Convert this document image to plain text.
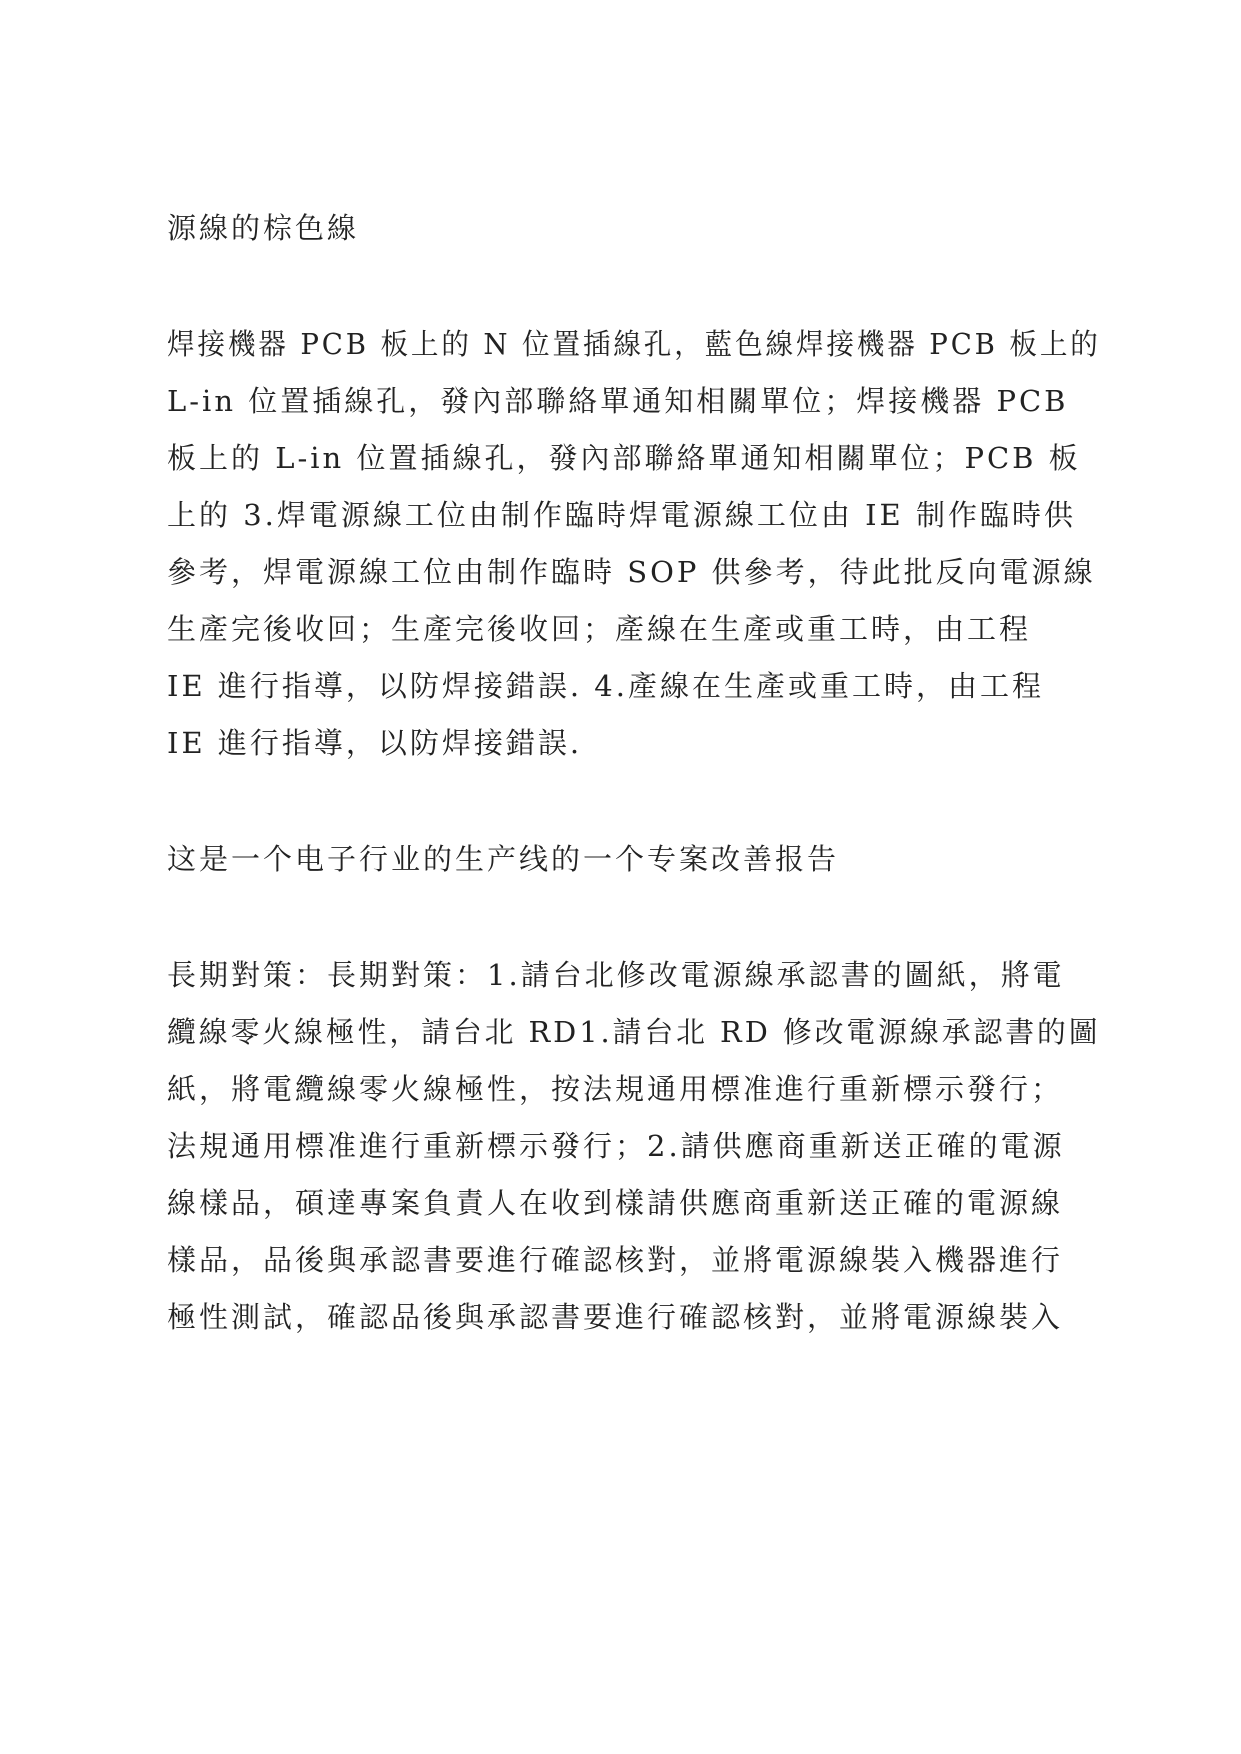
源線的棕色線
焊接機器 PCB 板上的 N 位置插線孔，藍色線焊接機器 PCB 板上的
L-in 位置插線孔，發內部聯絡單通知相關單位；焊接機器 PCB
板上的 L-in 位置插線孔，發內部聯絡單通知相關單位；PCB 板
上的 3.焊電源線工位由制作臨時焊電源線工位由 IE 制作臨時供
參考，焊電源線工位由制作臨時 SOP 供參考，待此批反向電源線
生產完後收回；生產完後收回；產線在生產或重工時，由工程
IE 進行指導，以防焊接錯誤. 4.產線在生產或重工時，由工程
IE 進行指導，以防焊接錯誤.
这是一个电子行业的生产线的一个专案改善报告
長期對策：長期對策：1.請台北修改電源線承認書的圖紙，將電
纜線零火線極性，請台北 RD1.請台北 RD 修改電源線承認書的圖
紙，將電纜線零火線極性，按法規通用標准進行重新標示發行；
法規通用標准進行重新標示發行；2.請供應商重新送正確的電源
線樣品，碩達專案負責人在收到樣請供應商重新送正確的電源線
樣品，品後與承認書要進行確認核對，並將電源線裝入機器進行
極性測試，確認品後與承認書要進行確認核對，並將電源線裝入
